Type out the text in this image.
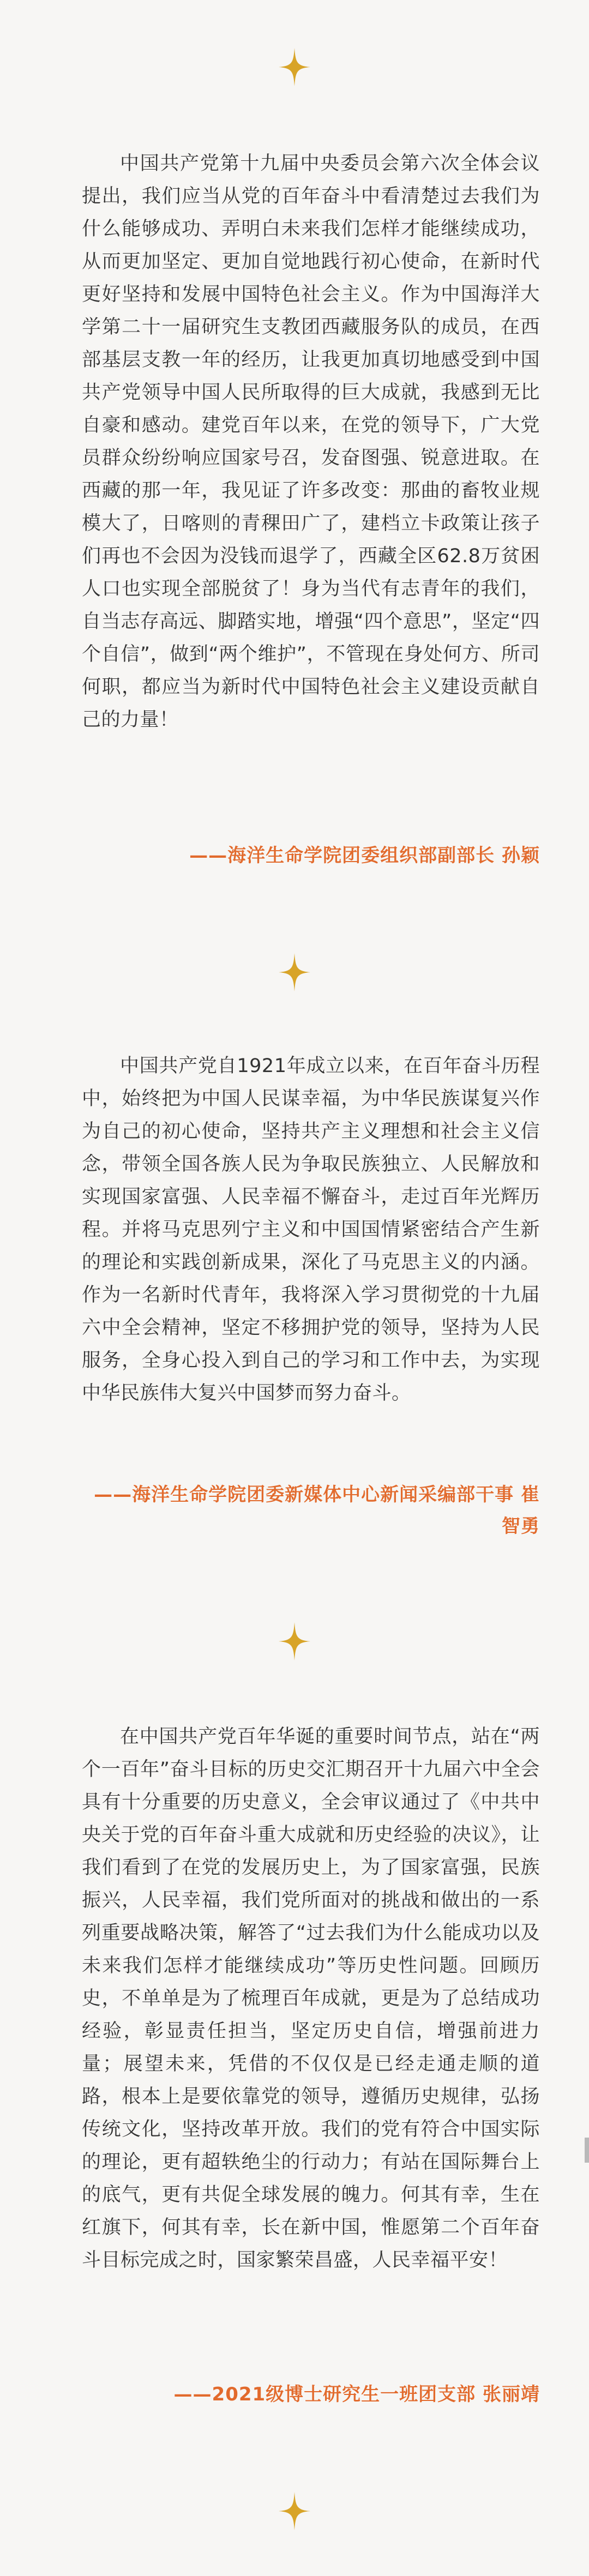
中国共产党第十九届中央委员会第六次全体会议提出，我们应当从党的百年奋斗中看清楚过去我们为什么能够成功、弄明白未来我们怎样才能继续成功，从而更加坚定、更加自觉地践行初心使命，在新时代更好坚持和发展中国特色社会主义。作为中国海洋大学第二十一届研究生支教团西藏服务队的成员，在西部基层支教一年的经历，让我更加真切地感受到中国共产党领导中国人民所取得的巨大成就，我感到无比自豪和感动。建党百年以来，在党的领导下，广大党员群众纷纷响应国家号召，发奋图强、锐意进取。在西藏的那一年，我见证了许多改变：那曲的畜牧业规模大了，日喀则的青稞田广了，建档立卡政策让孩子们再也不会因为没钱而退学了，西藏全区62.8万贫困人口也实现全部脱贫了！身为当代有志青年的我们，自当志存高远、脚踏实地，增强“四个意思”，坚定“四个自信”，做到“两个维护”，不管现在身处何方、所司何职，都应当为新时代中国特色社会主义建设贡献自己的力量！

——海洋生命学院团委组织部副部长 孙颖

中国共产党自1921年成立以来，在百年奋斗历程中，始终把为中国人民谋幸福，为中华民族谋复兴作为自己的初心使命，坚持共产主义理想和社会主义信念，带领全国各族人民为争取民族独立、人民解放和实现国家富强、人民幸福不懈奋斗，走过百年光辉历程。并将马克思列宁主义和中国国情紧密结合产生新的理论和实践创新成果，深化了马克思主义的内涵。作为一名新时代青年，我将深入学习贯彻党的十九届六中全会精神，坚定不移拥护党的领导，坚持为人民服务，全身心投入到自己的学习和工作中去，为实现中华民族伟大复兴中国梦而努力奋斗。

——海洋生命学院团委新媒体中心新闻采编部干事 崔智勇

在中国共产党百年华诞的重要时间节点，站在“两个一百年”奋斗目标的历史交汇期召开十九届六中全会具有十分重要的历史意义，全会审议通过了《中共中央关于党的百年奋斗重大成就和历史经验的决议》，让我们看到了在党的发展历史上，为了国家富强，民族振兴，人民幸福，我们党所面对的挑战和做出的一系列重要战略决策，解答了“过去我们为什么能成功以及未来我们怎样才能继续成功”等历史性问题。回顾历史，不单单是为了梳理百年成就，更是为了总结成功经验，彰显责任担当，坚定历史自信，增强前进力量；展望未来，凭借的不仅仅是已经走通走顺的道路，根本上是要依靠党的领导，遵循历史规律，弘扬传统文化，坚持改革开放。我们的党有符合中国实际的理论，更有超轶绝尘的行动力；有站在国际舞台上的底气，更有共促全球发展的魄力。何其有幸，生在红旗下，何其有幸，长在新中国，惟愿第二个百年奋斗目标完成之时，国家繁荣昌盛，人民幸福平安！

——2021级博士研究生一班团支部 张丽靖
